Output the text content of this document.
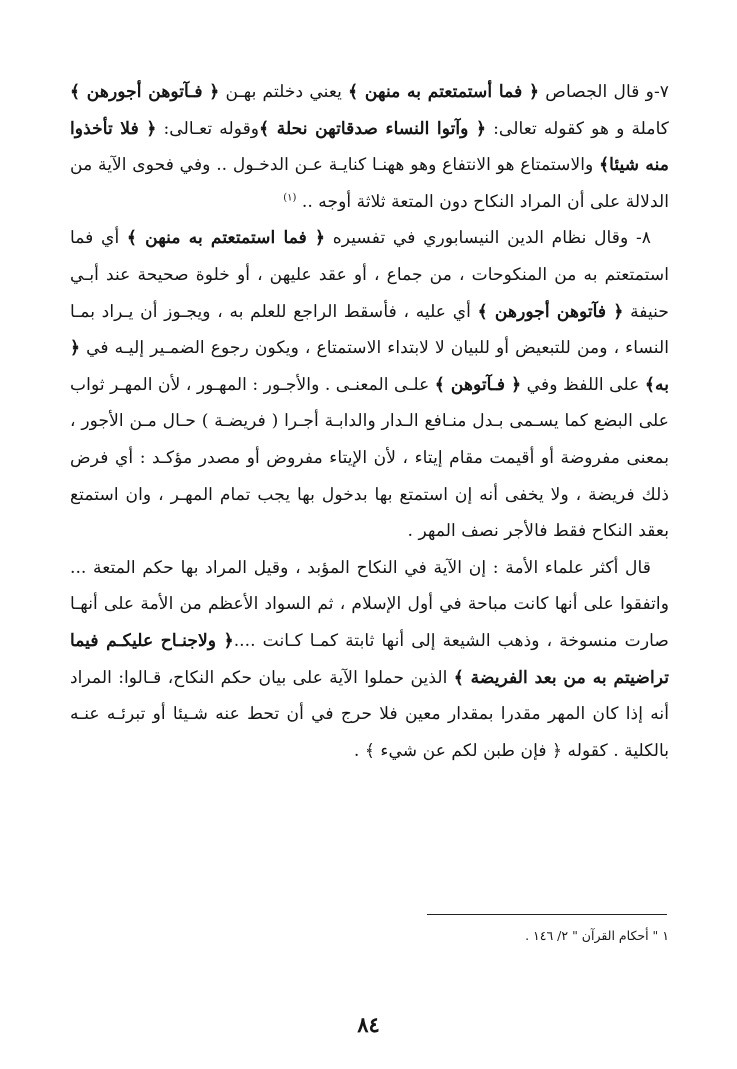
٧-و قال الجصاص ﴿ فما أستمتعتم به منهن ﴾ يعني دخلتم بهـن ﴿ فـآتوهن أجورهن ﴾كاملة و هو كقوله تعالى: ﴿ وآتوا النساء صدقاتهن نحلة ﴾وقوله تعـالى: ﴿ فلا تأخذوا منه شيئا﴾ والاستمتاع هو الانتفاع وهو ههنـا كنايـة عـن الدخـول .. وفي فحوى الآية من الدلالة على أن المراد النكاح دون المتعة ثلاثة أوجه .. $^{(١)}$

٨- وقال نظام الدين النيسابوري في تفسيره ﴿ فما استمتعتم به منهن ﴾ أي فما استمتعتم به من المنكوحات ، من جماع ، أو عقد عليهن ، أو خلوة صحيحة عند أبـي حنيفة ﴿ فآتوهن أجورهن ﴾ أي عليه ، فأسقط الراجع للعلم به ، ويجـوز أن يـراد بمـا النساء ، ومن للتبعيض أو للبيان لا لابتداء الاستمتاع ، ويكون رجوع الضمـير إليـه في ﴿ به﴾ على اللفظ وفي ﴿ فـآتوهن ﴾ علـى المعنـى . والأجـور : المهـور ، لأن المهـر ثواب على البضع كما يسـمى بـدل منـافع الـدار والدابـة أجـرا ( فريضـة ) حـال مـن الأجور ، بمعنى مفروضة أو أقيمت مقام إيتاء ، لأن الإيتاء مفروض أو مصدر مؤكـد : أي فرض ذلك فريضة ، ولا يخفى أنه إن استمتع بها بدخول بها يجب تمام المهـر ، وان استمتع بعقد النكاح فقط فالأجر نصف المهر .

قال أكثر علماء الأمة : إن الآية في النكاح المؤبد ، وقيل المراد بها حكم المتعة ... واتفقوا على أنها كانت مباحة في أول الإسلام ، ثم السواد الأعظم من الأمة على أنهـا صارت منسوخة ، وذهب الشيعة إلى أنها ثابتة كمـا كـانت ....﴿ ولاجنـاح عليكـم فيما تراضيتم به من بعد الفريضة ﴾ الذين حملوا الآية على بيان حكم النكاح، قـالوا: المراد أنه إذا كان المهر مقدرا بمقدار معين فلا حرج في أن تحط عنه شـيئا أو تبرئـه عنـه بالكلية . كقوله ﴿ فإن طبن لكم عن شيء ﴾ .

١ " أحكام القرآن " ٢/ ١٤٦ .
٨٤
